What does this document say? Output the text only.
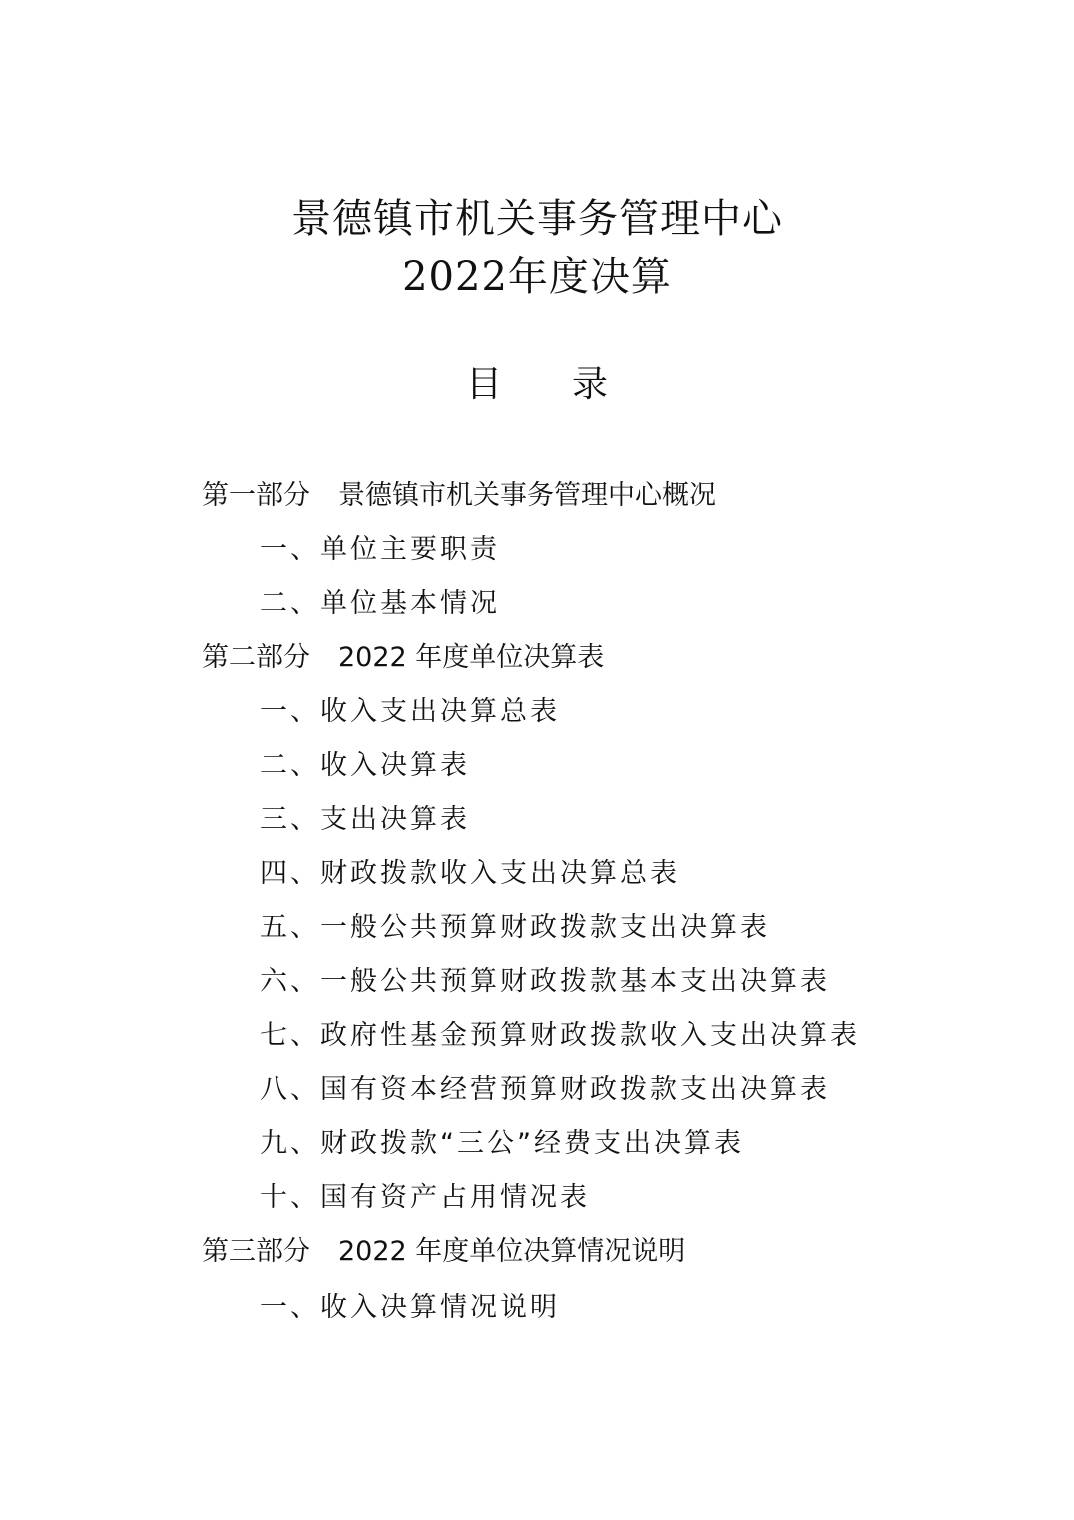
景德镇市机关事务管理中心
2022年度决算
目 录
第一部分 景德镇市机关事务管理中心概况
一、单位主要职责
二、单位基本情况
第二部分 2022 年度单位决算表
一、收入支出决算总表
二、收入决算表
三、支出决算表
四、财政拨款收入支出决算总表
五、一般公共预算财政拨款支出决算表
六、一般公共预算财政拨款基本支出决算表
七、政府性基金预算财政拨款收入支出决算表
八、国有资本经营预算财政拨款支出决算表
九、财政拨款“三公”经费支出决算表
十、国有资产占用情况表
第三部分 2022 年度单位决算情况说明
一、收入决算情况说明
